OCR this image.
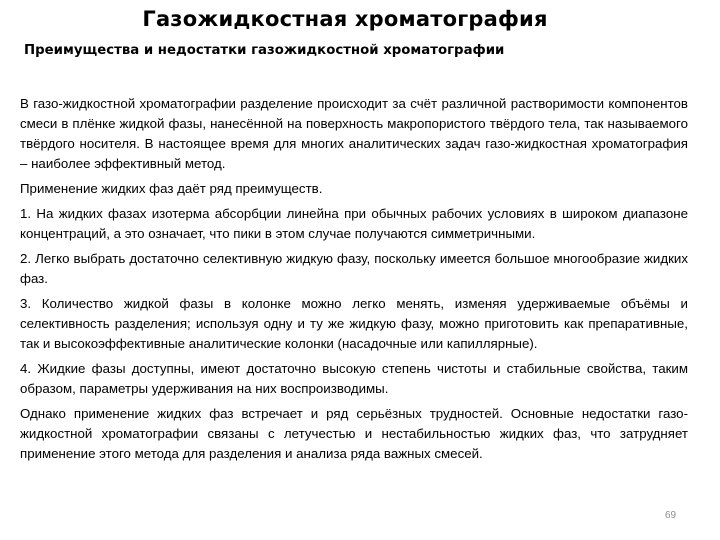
Газожидкостная хроматография
Преимущества и недостатки газожидкостной хроматографии

В газо-жидкостной хроматографии разделение происходит за счёт различной растворимости компонентов смеси в плёнке жидкой фазы, нанесённой на поверхность макропористого твёрдого тела, так называемого твёрдого носителя. В настоящее время для многих аналитических задач газо-жидкостная хроматография – наиболее эффективный метод.

Применение жидких фаз даёт ряд преимуществ.

1. На жидких фазах изотерма абсорбции линейна при обычных рабочих условиях в широком диапазоне концентраций, а это означает, что пики в этом случае получаются симметричными.

2. Легко выбрать достаточно селективную жидкую фазу, поскольку имеется большое многообразие жидких фаз.

3. Количество жидкой фазы в колонке можно легко менять, изменяя удерживаемые объёмы и селективность разделения; используя одну и ту же жидкую фазу, можно приготовить как препаративные, так и высокоэффективные аналитические колонки (насадочные или капиллярные).

4. Жидкие фазы доступны, имеют достаточно высокую степень чистоты и стабильные свойства, таким образом, параметры удерживания на них воспроизводимы.

Однако применение жидких фаз встречает и ряд серьёзных трудностей. Основные недостатки газо-жидкостной хроматографии связаны с летучестью и нестабильностью жидких фаз, что затрудняет применение этого метода для разделения и анализа ряда важных смесей.

69
